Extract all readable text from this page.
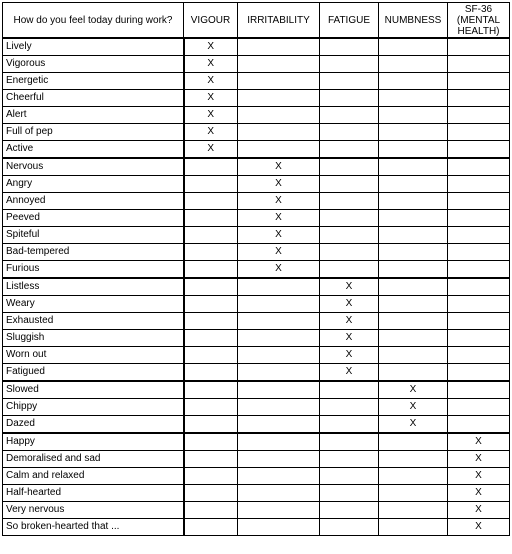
How do you feel today during work?	VIGOUR	IRRITABILITY	FATIGUE	NUMBNESS	SF-36
(MENTAL
HEALTH)

Lively	X				
Vigorous	X				
Energetic	X				
Cheerful	X				
Alert	X				
Full of pep	X				
Active	X				
Nervous		X			
Angry		X			
Annoyed		X			
Peeved		X			
Spiteful		X			
Bad-tempered		X			
Furious		X			
Listless			X		
Weary			X		
Exhausted			X		
Sluggish			X		
Worn out			X		
Fatigued			X		
Slowed				X	
Chippy				X	
Dazed				X	
Happy					X
Demoralised and sad					X
Calm and relaxed					X
Half-hearted					X
Very nervous					X
So broken-hearted that ...					X
